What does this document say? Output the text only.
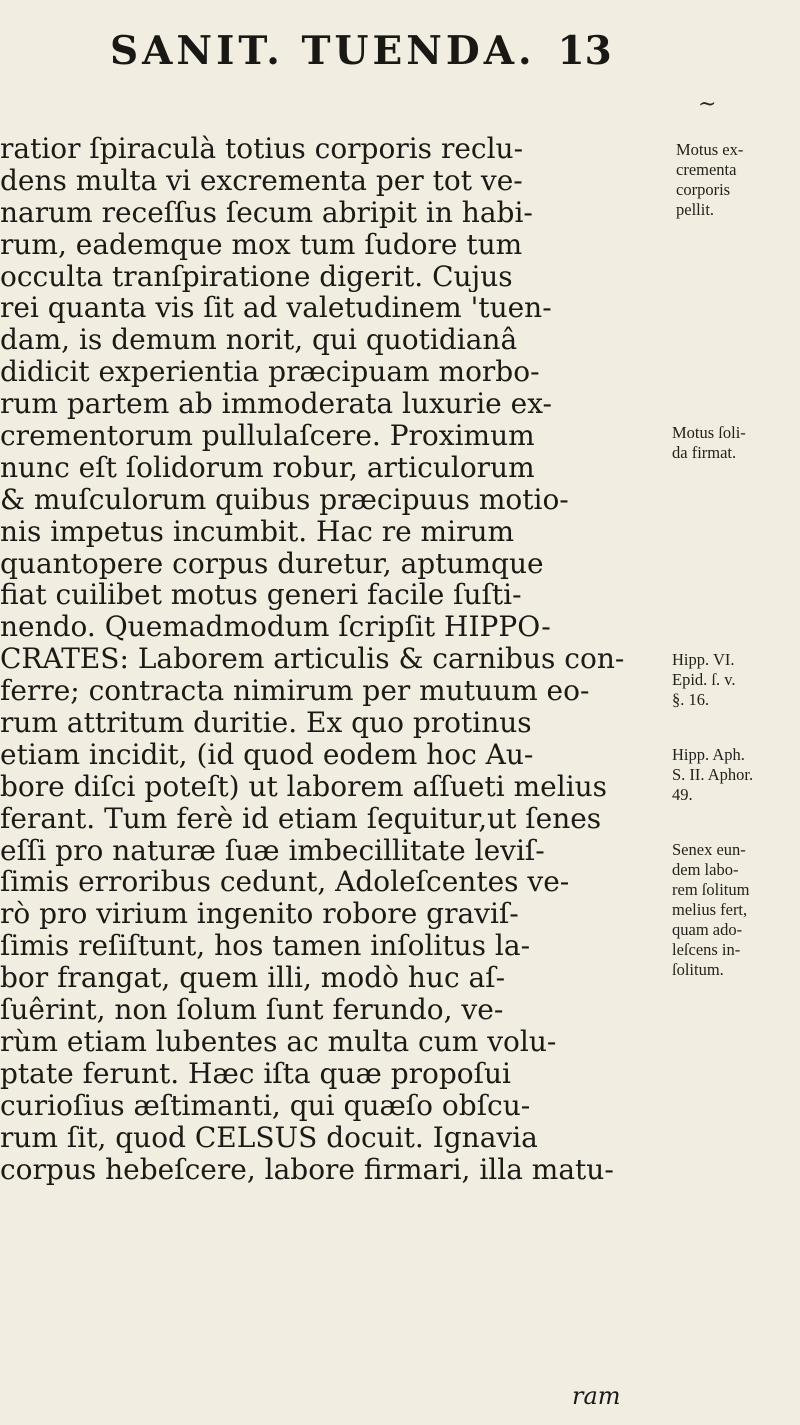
SANIT. TUENDA. 13
~
ratior ſpiraculà totius corporis reclu-
dens multa vi excrementa per tot ve-
narum receſſus ſecum abripit in habi-
rum, eademque mox tum ſudore tum
occulta tranſpiratione digerit. Cujus
rei quanta vis ſit ad valetudinem 'tuen-
dam, is demum norit, qui quotidianâ
didicit experientia præcipuam morbo-
rum partem ab immoderata luxurie ex-
crementorum pullulaſcere. Proximum
nunc eſt ſolidorum robur, articulorum
& muſculorum quibus præcipuus motio-
nis impetus incumbit. Hac re mirum
quantopere corpus duretur, aptumque
fiat cuilibet motus generi facile ſuſti-
nendo. Quemadmodum ſcripſit HIPPO-
CRATES: Laborem articulis & carnibus con-
ferre; contracta nimirum per mutuum eo-
rum attritum duritie. Ex quo protinus
etiam incidit, (id quod eodem hoc Au-
bore diſci poteſt) ut laborem aſſueti melius
ferant. Tum ferè id etiam ſequitur,ut ſenes
eſſi pro naturæ ſuæ imbecillitate leviſ-
ſimis erroribus cedunt, Adoleſcentes ve-
rò pro virium ingenito robore graviſ-
ſimis reſiſtunt, hos tamen inſolitus la-
bor frangat, quem illi, modò huc aſ-
ſuêrint, non ſolum ſunt ferundo, ve-
rùm etiam lubentes ac multa cum volu-
ptate ferunt. Hæc iſta quæ propoſui
curioſius æſtimanti, qui quæſo obſcu-
rum ſit, quod CELSUS docuit. Ignavia
corpus hebeſcere, labore firmari, illa matu-
ram
Motus ex-
crementa
corporis
pellit.
Motus ſoli-
da firmat.
Hipp. VI.
Epid. ſ. v.
§. 16.
Hipp. Aph.
S. II. Aphor.
49.
Senex eun-
dem labo-
rem ſolitum
melius fert,
quam ado-
leſcens in-
ſolitum.
